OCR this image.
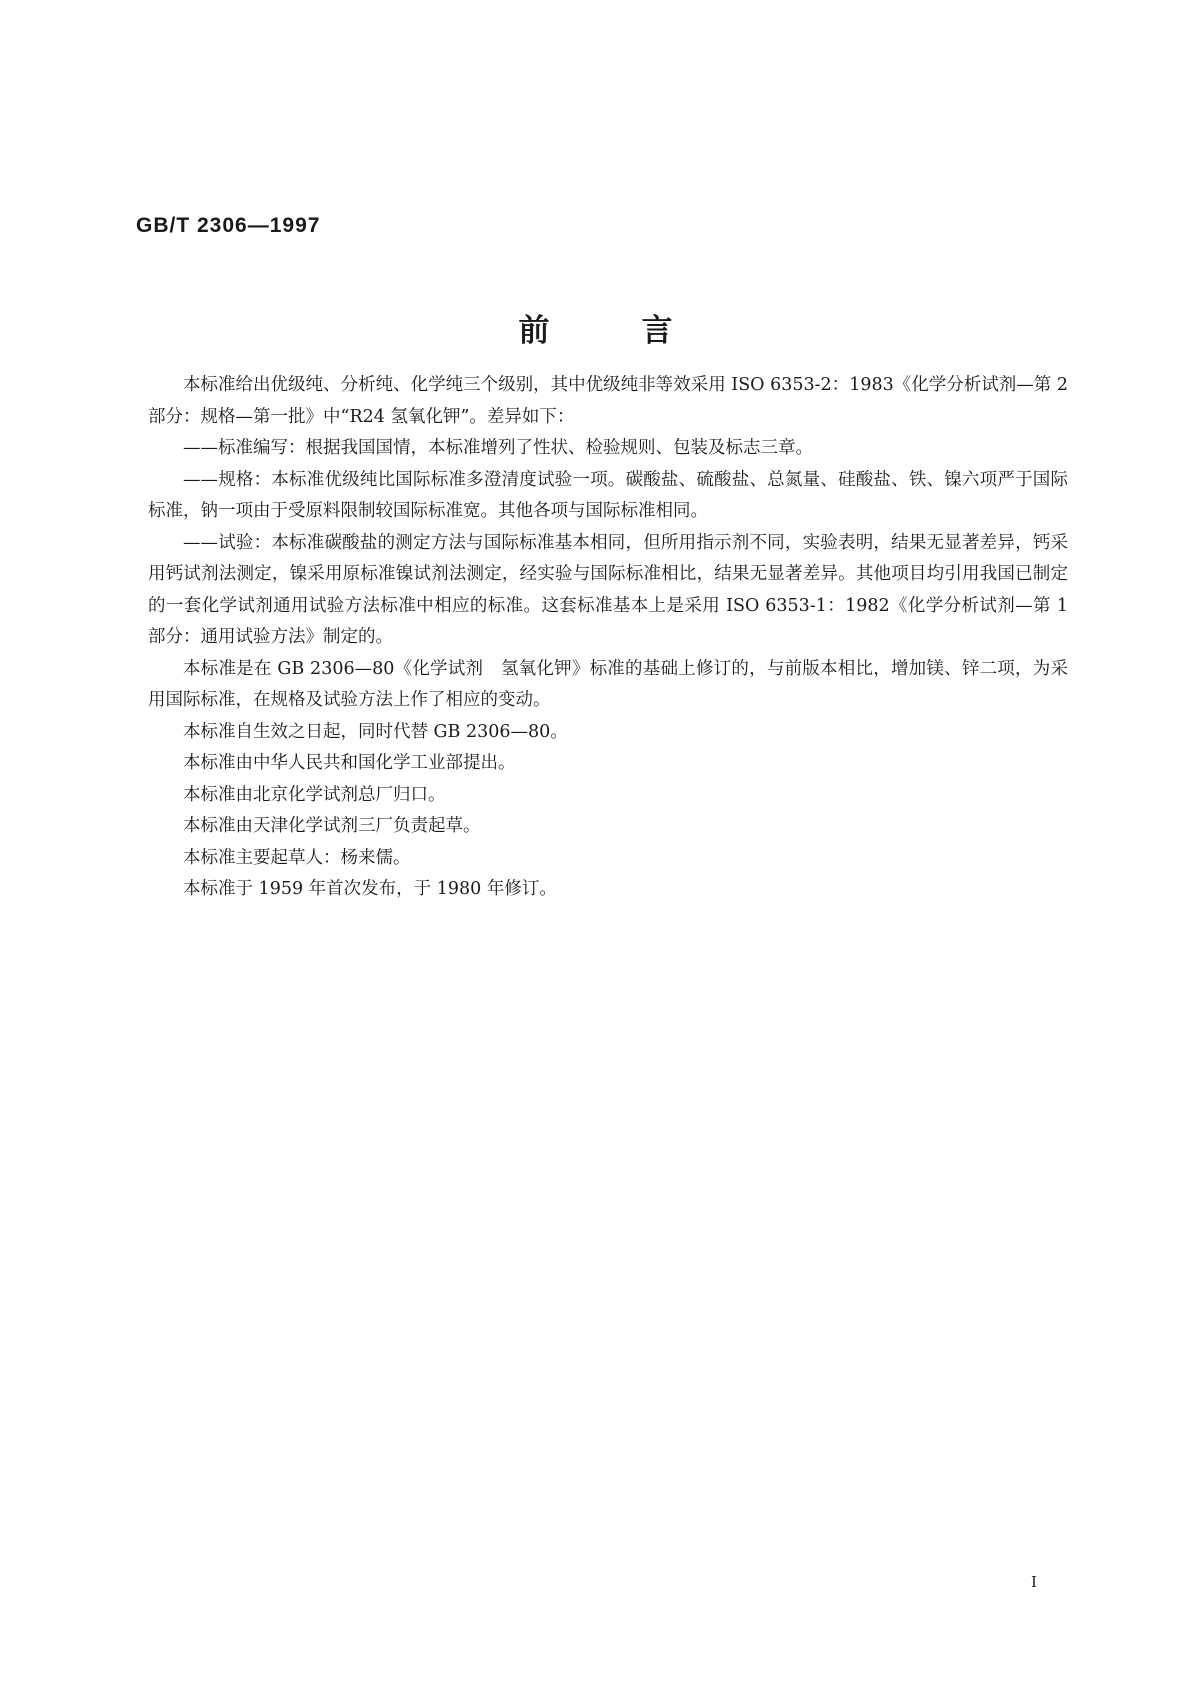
GB/T 2306—1997
前言

本标准给出优级纯、分析纯、化学纯三个级别，其中优级纯非等效采用 ISO 6353-2：1983《化学分析试剂—第 2 部分：规格—第一批》中“R24 氢氧化钾”。差异如下：

——标准编写：根据我国国情，本标准增列了性状、检验规则、包装及标志三章。

——规格：本标准优级纯比国际标准多澄清度试验一项。碳酸盐、硫酸盐、总氮量、硅酸盐、铁、镍六项严于国际标准，钠一项由于受原料限制较国际标准宽。其他各项与国际标准相同。

——试验：本标准碳酸盐的测定方法与国际标准基本相同，但所用指示剂不同，实验表明，结果无显著差异，钙采用钙试剂法测定，镍采用原标准镍试剂法测定，经实验与国际标准相比，结果无显著差异。其他项目均引用我国已制定的一套化学试剂通用试验方法标准中相应的标准。这套标准基本上是采用 ISO 6353-1：1982《化学分析试剂—第 1 部分：通用试验方法》制定的。

本标准是在 GB 2306—80《化学试剂　氢氧化钾》标准的基础上修订的，与前版本相比，增加镁、锌二项，为采用国际标准，在规格及试验方法上作了相应的变动。

本标准自生效之日起，同时代替 GB 2306—80。

本标准由中华人民共和国化学工业部提出。

本标准由北京化学试剂总厂归口。

本标准由天津化学试剂三厂负责起草。

本标准主要起草人：杨来儒。

本标准于 1959 年首次发布，于 1980 年修订。

I
